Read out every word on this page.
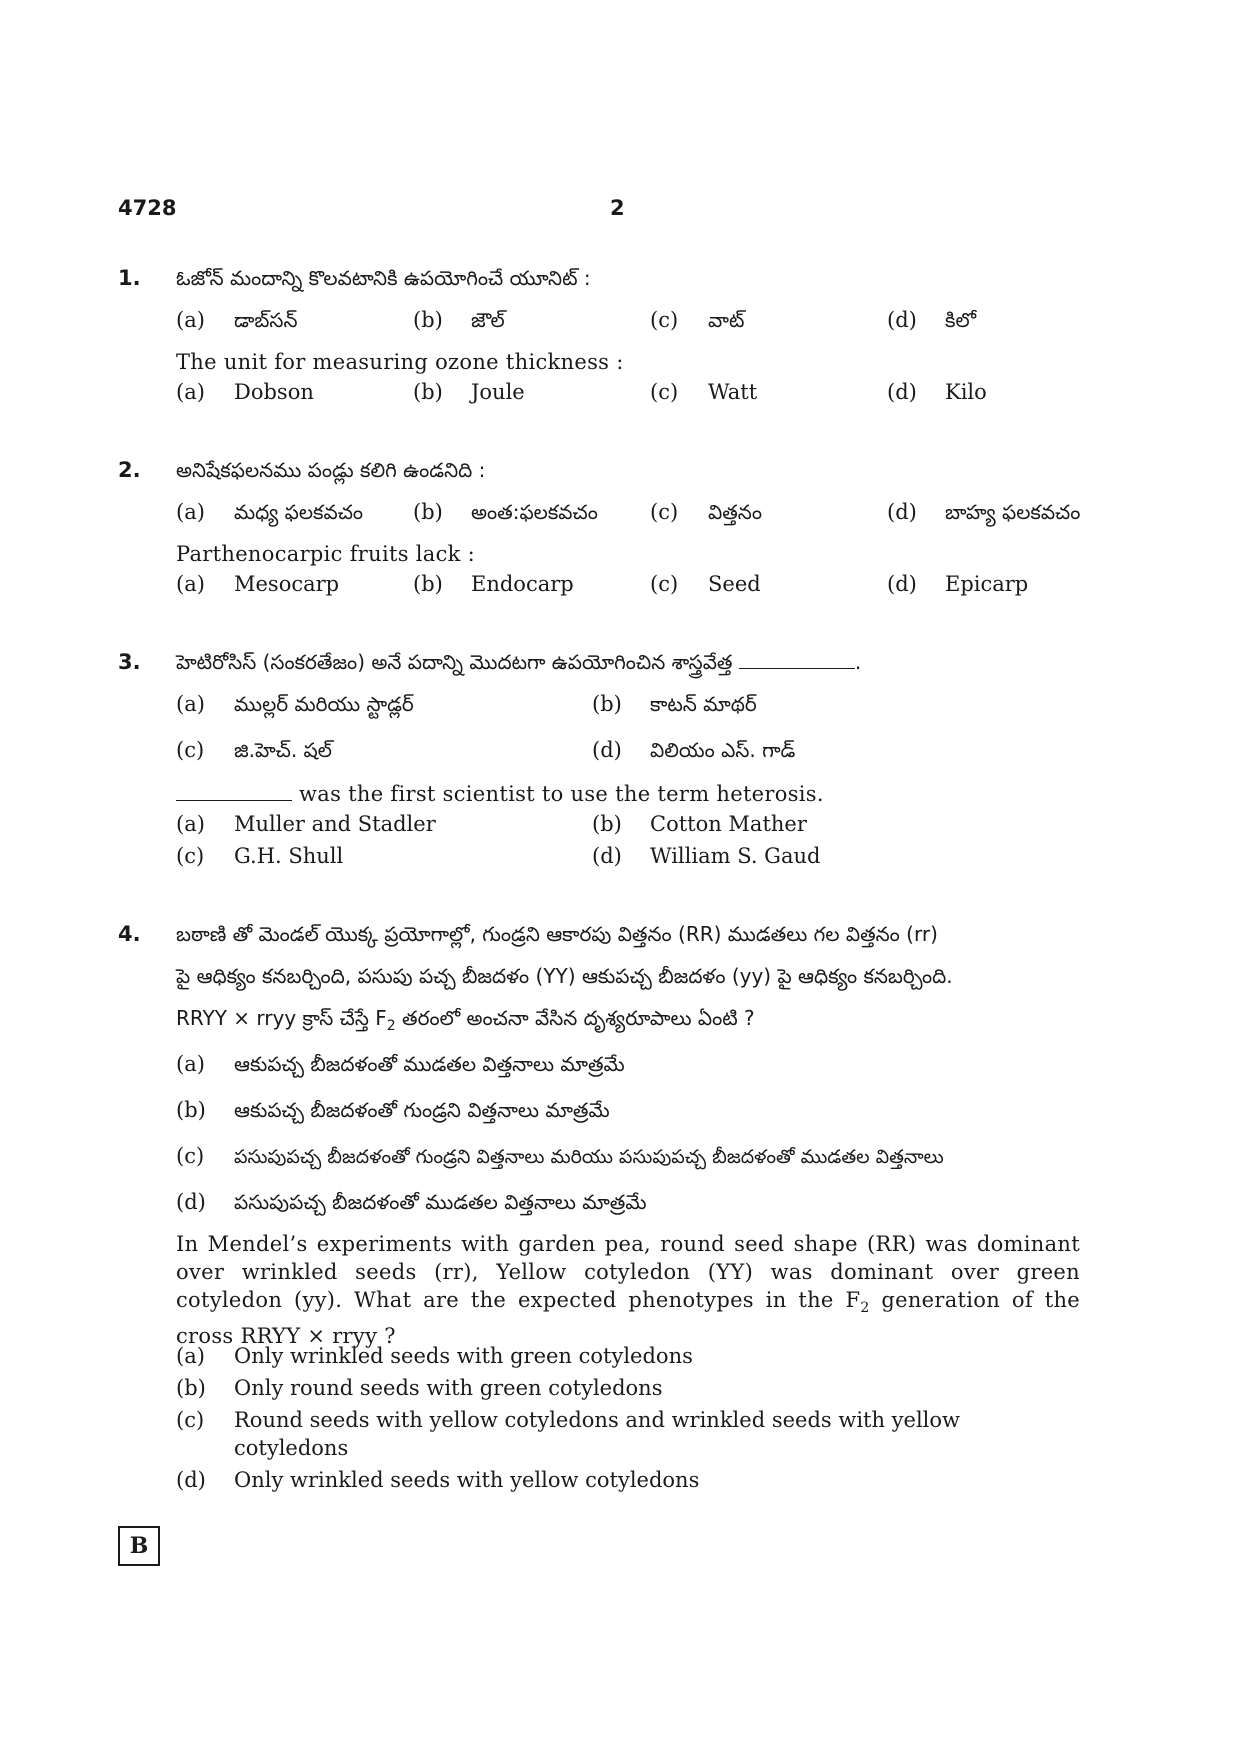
4728	2
1. ఓజోన్ మందాన్ని కొలవటానికి ఉపయోగించే యూనిట్ :
(a) డాబ్‌సన్	(b) జౌల్	(c) వాట్	(d) కిలో
The unit for measuring ozone thickness :
(a) Dobson	(b) Joule	(c) Watt	(d) Kilo
2. అనిషేకఫలనము పండ్లు కలిగి ఉండనిది :
(a) మధ్య ఫలకవచం (b) అంత:ఫలకవచం (c) విత్తనం	(d) బాహ్య ఫలకవచం
Parthenocarpic fruits lack :
(a) Mesocarp	(b) Endocarp	(c) Seed	(d) Epicarp
3. హెటిరోసిస్ (సంకరతేజం) అనే పదాన్ని మొదటగా ఉపయోగించిన శాస్త్రవేత్త	.
(a) ముల్లర్ మరియు స్టాడ్లర్	(b) కాటన్ మాథర్
(c) జి.హెచ్. షల్	(d) విలియం ఎస్. గాడ్
was the first scientist to use the term heterosis.
(a) Muller and Stadler	(b) Cotton Mather
(c) G.H. Shull	(d) William S. Gaud
4. బఠాణి తో మెండల్ యొక్క ప్రయోగాల్లో, గుండ్రని ఆకారపు విత్తనం (RR) ముడతలు గల విత్తనం (rr)
పై ఆధిక్యం కనబర్చింది, పసుపు పచ్చ బీజదళం (YY) ఆకుపచ్చ బీజదళం (yy) పై ఆధిక్యం కనబర్చింది.
RRYY × rryy క్రాస్ చేస్తే $F_2$ తరంలో అంచనా వేసిన దృశ్యరూపాలు ఏంటి ?
(a) ఆకుపచ్చ బీజదళంతో ముడతల విత్తనాలు మాత్రమే
(b) ఆకుపచ్చ బీజదళంతో గుండ్రని విత్తనాలు మాత్రమే
(c) పసుపుపచ్చ బీజదళంతో గుండ్రని విత్తనాలు మరియు పసుపుపచ్చ బీజదళంతో ముడతల విత్తనాలు
(d) పసుపుపచ్చ బీజదళంతో ముడతల విత్తనాలు మాత్రమే
In Mendel’s experiments with garden pea, round seed shape (RR) was dominant over wrinkled seeds (rr), Yellow cotyledon (YY) was dominant over green cotyledon (yy). What are the expected phenotypes in the $F_2$ generation of the cross RRYY × rryy ?
(a) Only wrinkled seeds with green cotyledons
(b) Only round seeds with green cotyledons
(c) Round seeds with yellow cotyledons and wrinkled seeds with yellow
cotyledons
(d) Only wrinkled seeds with yellow cotyledons
B
